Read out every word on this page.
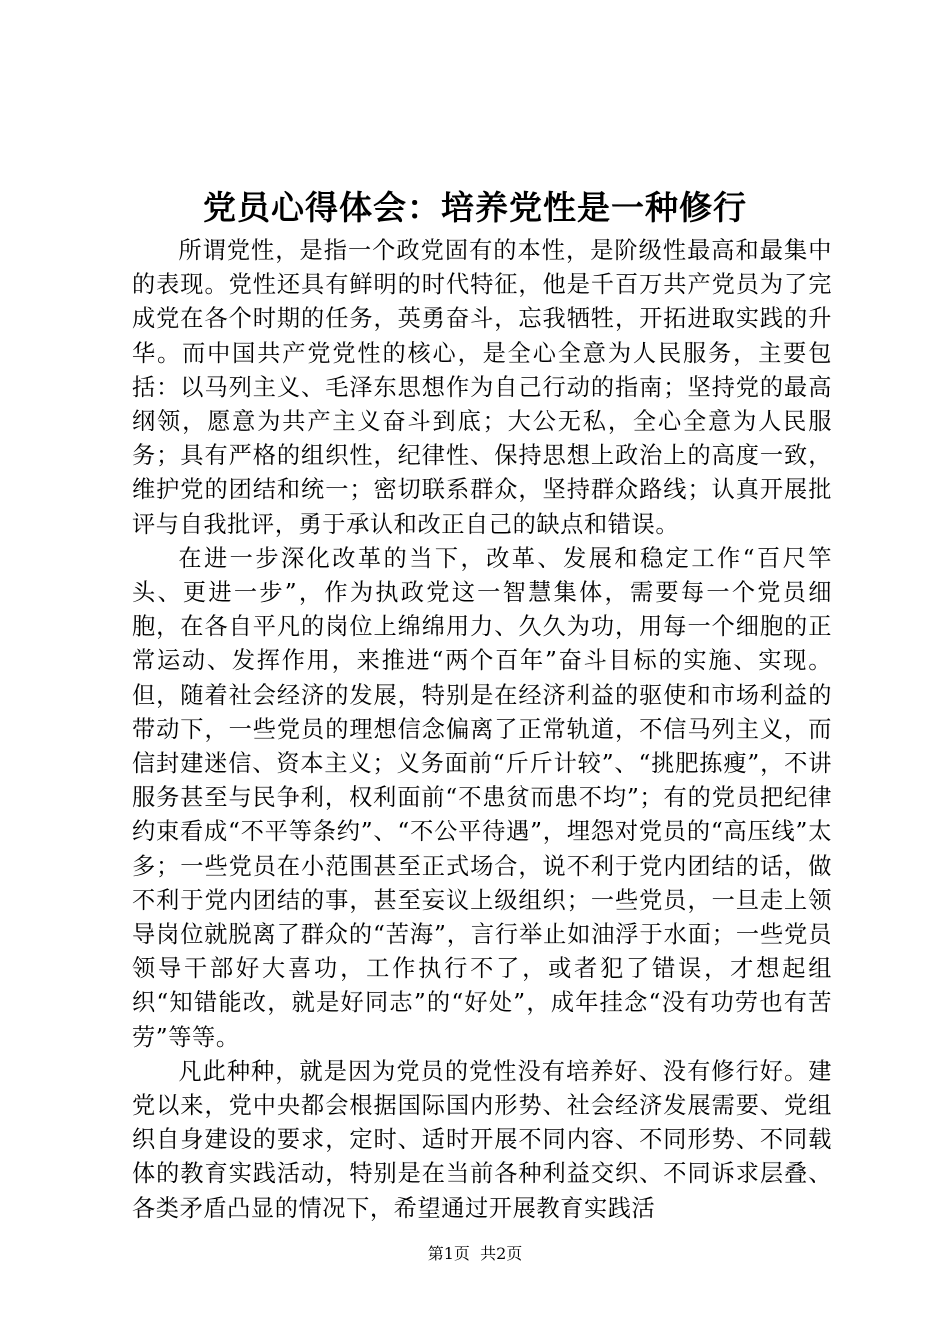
党员心得体会：培养党性是一种修行

所谓党性，是指一个政党固有的本性，是阶级性最高和最集中的表现。党性还具有鲜明的时代特征，他是千百万共产党员为了完成党在各个时期的任务，英勇奋斗，忘我牺牲，开拓进取实践的升华。而中国共产党党性的核心，是全心全意为人民服务，主要包括：以马列主义、毛泽东思想作为自己行动的指南；坚持党的最高纲领，愿意为共产主义奋斗到底；大公无私，全心全意为人民服务；具有严格的组织性，纪律性、保持思想上政治上的高度一致，维护党的团结和统一；密切联系群众，坚持群众路线；认真开展批评与自我批评，勇于承认和改正自己的缺点和错误。

在进一步深化改革的当下，改革、发展和稳定工作“百尺竿头、更进一步”，作为执政党这一智慧集体，需要每一个党员细胞，在各自平凡的岗位上绵绵用力、久久为功，用每一个细胞的正常运动、发挥作用，来推进“两个百年”奋斗目标的实施、实现。但，随着社会经济的发展，特别是在经济利益的驱使和市场利益的带动下，一些党员的理想信念偏离了正常轨道，不信马列主义，而信封建迷信、资本主义；义务面前“斤斤计较”、“挑肥拣瘦”，不讲服务甚至与民争利，权利面前“不患贫而患不均”；有的党员把纪律约束看成“不平等条约”、“不公平待遇”，埋怨对党员的“高压线”太多；一些党员在小范围甚至正式场合，说不利于党内团结的话，做不利于党内团结的事，甚至妄议上级组织；一些党员，一旦走上领导岗位就脱离了群众的“苦海”，言行举止如油浮于水面；一些党员领导干部好大喜功，工作执行不了，或者犯了错误，才想起组织“知错能改，就是好同志”的“好处”，成年挂念“没有功劳也有苦劳”等等。

凡此种种，就是因为党员的党性没有培养好、没有修行好。建党以来，党中央都会根据国际国内形势、社会经济发展需要、党组织自身建设的要求，定时、适时开展不同内容、不同形势、不同载体的教育实践活动，特别是在当前各种利益交织、不同诉求层叠、各类矛盾凸显的情况下，希望通过开展教育实践活

第1页 共2页
